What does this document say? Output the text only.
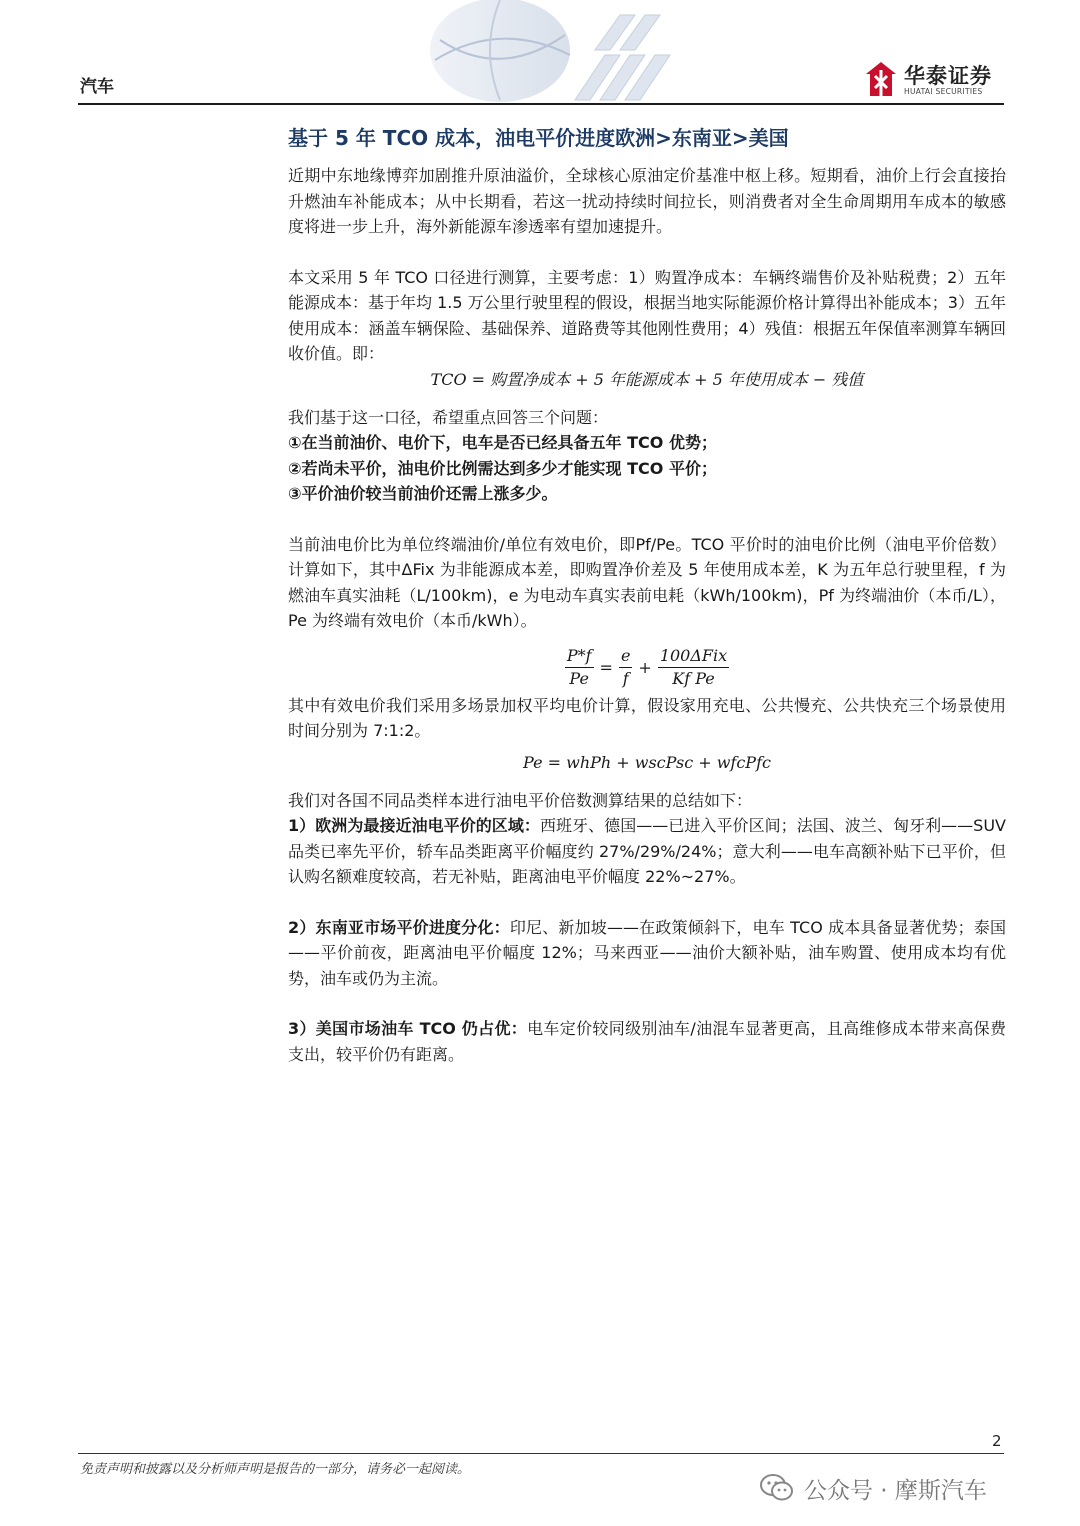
汽车	华泰证券
HUATAI SECURITIES
基于 5 年 TCO 成本，油电平价进度欧洲>东南亚>美国

近期中东地缘博弈加剧推升原油溢价，全球核心原油定价基准中枢上移。短期看，油价上行会直接抬升燃油车补能成本；从中长期看，若这一扰动持续时间拉长，则消费者对全生命周期用车成本的敏感度将进一步上升，海外新能源车渗透率有望加速提升。

本文采用 5 年 TCO 口径进行测算，主要考虑：1）购置净成本：车辆终端售价及补贴税费；2）五年能源成本：基于年均 1.5 万公里行驶里程的假设，根据当地实际能源价格计算得出补能成本；3）五年使用成本：涵盖车辆保险、基础保养、道路费等其他刚性费用；4）残值：根据五年保值率测算车辆回收价值。即：

TCO = 购置净成本 + 5 年能源成本 + 5 年使用成本 − 残值

我们基于这一口径，希望重点回答三个问题：

①在当前油价、电价下，电车是否已经具备五年 TCO 优势；

②若尚未平价，油电价比例需达到多少才能实现 TCO 平价；

③平价油价较当前油价还需上涨多少。

当前油电价比为单位终端油价/单位有效电价，即Pf/Pe。TCO 平价时的油电价比例（油电平价倍数）计算如下，其中ΔFix 为非能源成本差，即购置净价差及 5 年使用成本差，K 为五年总行驶里程，f 为燃油车真实油耗（L/100km)，e 为电动车真实表前电耗（kWh/100km)，Pf 为终端油价（本币/L），Pe 为终端有效电价（本币/kWh）。

$\frac{P*f}{Pe} = \frac{e}{f} + \frac{\text{100ΔFix}}{\text{Kf Pe}}$

其中有效电价我们采用多场景加权平均电价计算，假设家用充电、公共慢充、公共快充三个场景使用时间分别为 7:1:2。

Pe = whPh + wscPsc + wfcPfc

我们对各国不同品类样本进行油电平价倍数测算结果的总结如下：

1）欧洲为最接近油电平价的区域：西班牙、德国——已进入平价区间；法国、波兰、匈牙利——SUV 品类已率先平价，轿车品类距离平价幅度约 27%/29%/24%；意大利——电车高额补贴下已平价，但认购名额难度较高，若无补贴，距离油电平价幅度 22%~27%。

2）东南亚市场平价进度分化：印尼、新加坡——在政策倾斜下，电车 TCO 成本具备显著优势；泰国——平价前夜，距离油电平价幅度 12%；马来西亚——油价大额补贴，油车购置、使用成本均有优势，油车或仍为主流。

3）美国市场油车 TCO 仍占优：电车定价较同级别油车/油混车显著更高，且高维修成本带来高保费支出，较平价仍有距离。

免责声明和披露以及分析师声明是报告的一部分，请务必一起阅读。
2
公众号 · 摩斯汽车
